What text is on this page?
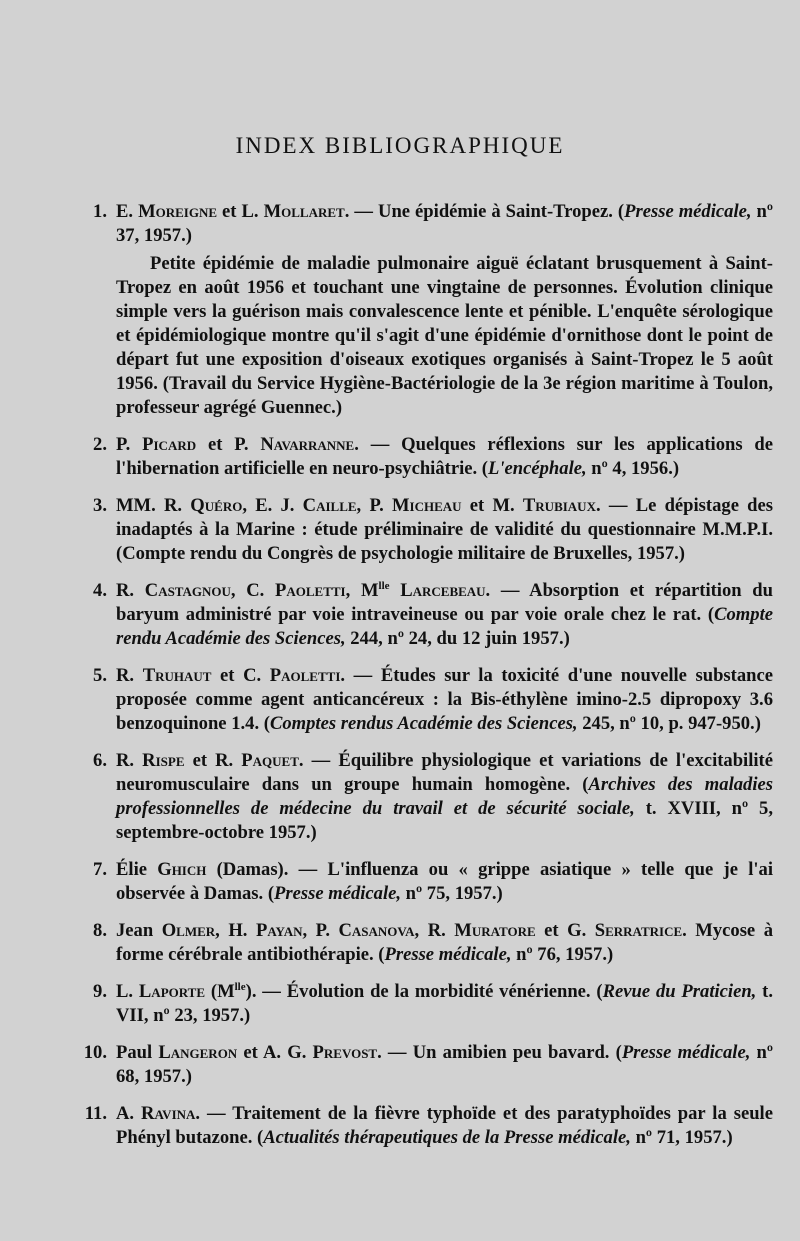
INDEX BIBLIOGRAPHIQUE
1. E. Moreigne et L. Mollaret. — Une épidémie à Saint-Tropez. (Presse médicale, nº 37, 1957.)
Petite épidémie de maladie pulmonaire aiguë éclatant brusquement à Saint-Tropez en août 1956 et touchant une vingtaine de personnes. Évolution clinique simple vers la guérison mais convalescence lente et pénible. L'enquête sérologique et épidémiologique montre qu'il s'agit d'une épidémie d'ornithose dont le point de départ fut une exposition d'oiseaux exotiques organisés à Saint-Tropez le 5 août 1956. (Travail du Service Hygiène-Bactériologie de la 3e région maritime à Toulon, professeur agrégé Guennec.)
2. P. Picard et P. Navarranne. — Quelques réflexions sur les applications de l'hibernation artificielle en neuro-psychiâtrie. (L'encéphale, nº 4, 1956.)
3. MM. R. Quéro, E. J. Caille, P. Micheau et M. Trubiaux. — Le dépistage des inadaptés à la Marine : étude préliminaire de validité du questionnaire M.M.P.I. (Compte rendu du Congrès de psychologie militaire de Bruxelles, 1957.)
4. R. Castagnou, C. Paoletti, $M^{lle}$ Larcebeau. — Absorption et répartition du baryum administré par voie intraveineuse ou par voie orale chez le rat. (Compte rendu Académie des Sciences, 244, nº 24, du 12 juin 1957.)
5. R. Truhaut et C. Paoletti. — Études sur la toxicité d'une nouvelle substance proposée comme agent anticancéreux : la Bis-éthylène imino-2.5 dipropoxy 3.6 benzoquinone 1.4. (Comptes rendus Académie des Sciences, 245, nº 10, p. 947-950.)
6. R. Rispe et R. Paquet. — Équilibre physiologique et variations de l'excitabilité neuromusculaire dans un groupe humain homogène. (Archives des maladies professionnelles de médecine du travail et de sécurité sociale, t. XVIII, nº 5, septembre-octobre 1957.)
7. Élie Ghich (Damas). — L'influenza ou « grippe asiatique » telle que je l'ai observée à Damas. (Presse médicale, nº 75, 1957.)
8. Jean Olmer, H. Payan, P. Casanova, R. Muratore et G. Serratrice. Mycose à forme cérébrale antibiothérapie. (Presse médicale, nº 76, 1957.)
9. L. Laporte $(M^{lle})$. — Évolution de la morbidité vénérienne. (Revue du Praticien, t. VII, nº 23, 1957.)
10. Paul Langeron et A. G. Prevost. — Un amibien peu bavard. (Presse médicale, nº 68, 1957.)
11. A. Ravina. — Traitement de la fièvre typhoïde et des paratyphoïdes par la seule Phényl butazone. (Actualités thérapeutiques de la Presse médicale, nº 71, 1957.)
